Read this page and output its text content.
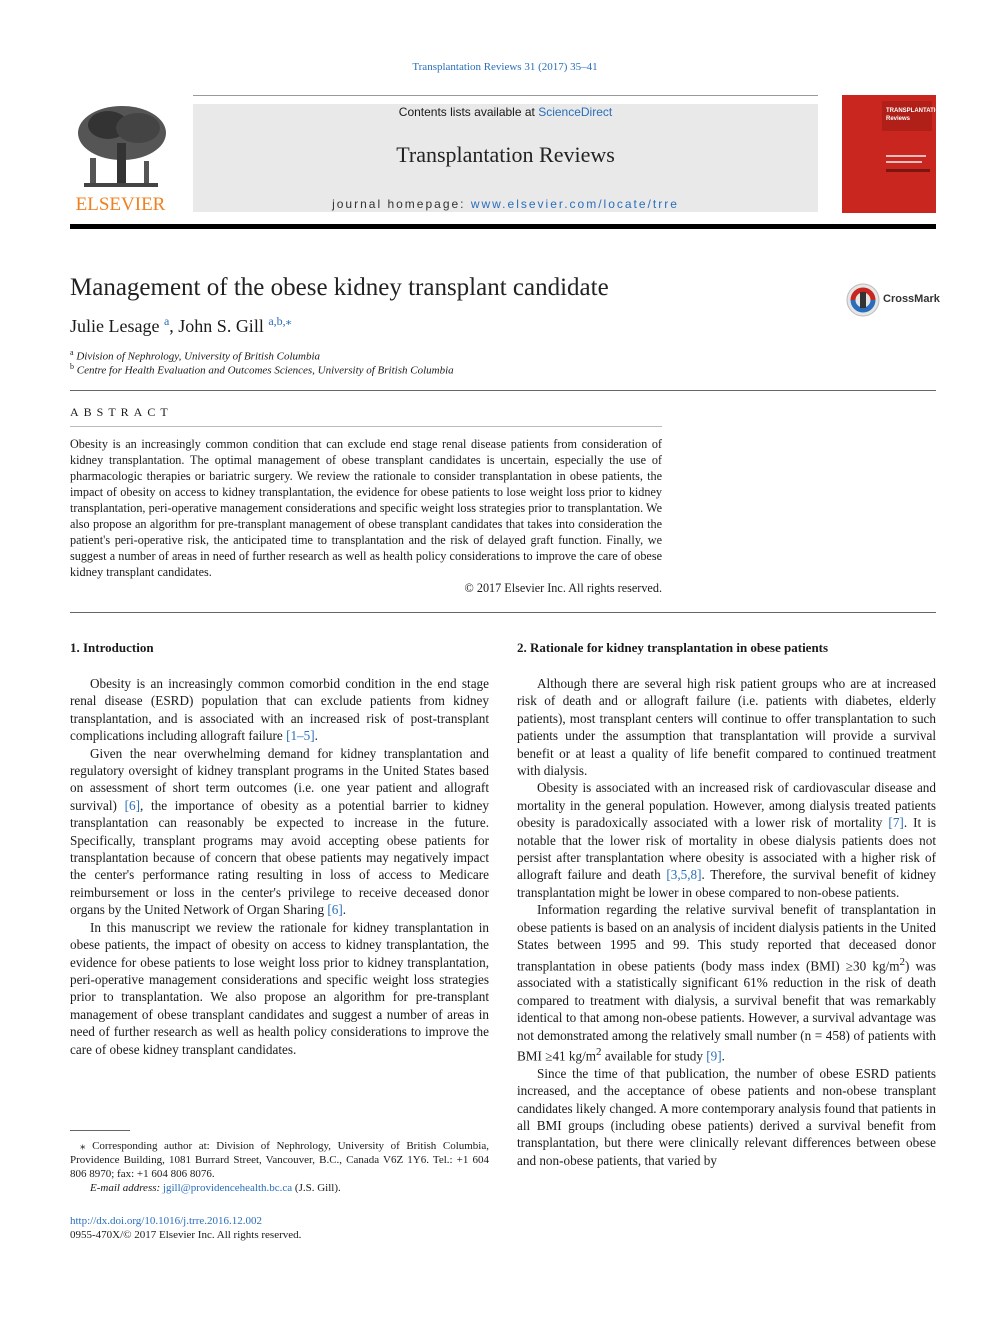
Transplantation Reviews 31 (2017) 35–41
ELSEVIER
Contents lists available at ScienceDirect
Transplantation Reviews
journal homepage: www.elsevier.com/locate/trre
TRANSPLANTATION Reviews
Management of the obese kidney transplant candidate	CrossMark
Julie Lesage $^a$, John S. Gill $^{a,b,⁎}$
$^a$ Division of Nephrology, University of British Columbia
$^b$ Centre for Health Evaluation and Outcomes Sciences, University of British Columbia
ABSTRACT
Obesity is an increasingly common condition that can exclude end stage renal disease patients from consideration of kidney transplantation. The optimal management of obese transplant candidates is uncertain, especially the use of pharmacologic therapies or bariatric surgery. We review the rationale to consider transplantation in obese patients, the impact of obesity on access to kidney transplantation, the evidence for obese patients to lose weight loss prior to kidney transplantation, peri-operative management considerations and specific weight loss strategies prior to transplantation. We also propose an algorithm for pre-transplant management of obese transplant candidates that takes into consideration the patient's peri-operative risk, the anticipated time to transplantation and the risk of delayed graft function. Finally, we suggest a number of areas in need of further research as well as health policy considerations to improve the care of obese kidney transplant candidates.
© 2017 Elsevier Inc. All rights reserved.
1. Introduction

Obesity is an increasingly common comorbid condition in the end stage renal disease (ESRD) population that can exclude patients from kidney transplantation, and is associated with an increased risk of post-transplant complications including allograft failure [1–5].

Given the near overwhelming demand for kidney transplantation and regulatory oversight of kidney transplant programs in the United States based on assessment of short term outcomes (i.e. one year patient and allograft survival) [6], the importance of obesity as a potential barrier to kidney transplantation can reasonably be expected to increase in the future. Specifically, transplant programs may avoid accepting obese patients for transplantation because of concern that obese patients may negatively impact the center's performance rating resulting in loss of access to Medicare reimbursement or loss in the center's privilege to receive deceased donor organs by the United Network of Organ Sharing [6].

In this manuscript we review the rationale for kidney transplantation in obese patients, the impact of obesity on access to kidney transplantation, the evidence for obese patients to lose weight loss prior to kidney transplantation, peri-operative management considerations and specific weight loss strategies prior to transplantation. We also propose an algorithm for pre-transplant management of obese transplant candidates and suggest a number of areas in need of further research as well as health policy considerations to improve the care of obese kidney transplant candidates.

⁎ Corresponding author at: Division of Nephrology, University of British Columbia, Providence Building, 1081 Burrard Street, Vancouver, B.C., Canada V6Z 1Y6. Tel.: +1 604 806 8970; fax: +1 604 806 8076.

E-mail address: jgill@providencehealth.bc.ca (J.S. Gill).

http://dx.doi.org/10.1016/j.trre.2016.12.002
0955-470X/© 2017 Elsevier Inc. All rights reserved.
2. Rationale for kidney transplantation in obese patients

Although there are several high risk patient groups who are at increased risk of death and or allograft failure (i.e. patients with diabetes, elderly patients), most transplant centers will continue to offer transplantation to such patients under the assumption that transplantation will provide a survival benefit or at least a quality of life benefit compared to continued treatment with dialysis.

Obesity is associated with an increased risk of cardiovascular disease and mortality in the general population. However, among dialysis treated patients obesity is paradoxically associated with a lower risk of mortality [7]. It is notable that the lower risk of mortality in obese dialysis patients does not persist after transplantation where obesity is associated with a higher risk of allograft failure and death [3,5,8]. Therefore, the survival benefit of kidney transplantation might be lower in obese compared to non-obese patients.

Information regarding the relative survival benefit of transplantation in obese patients is based on an analysis of incident dialysis patients in the United States between 1995 and 99. This study reported that deceased donor transplantation in obese patients (body mass index (BMI) ≥30 $kg/m^2$) was associated with a statistically significant 61% reduction in the risk of death compared to treatment with dialysis, a survival benefit that was remarkably identical to that among non-obese patients. However, a survival advantage was not demonstrated among the relatively small number (n = 458) of patients with BMI ≥41 $kg/m^2$ available for study [9].

Since the time of that publication, the number of obese ESRD patients increased, and the acceptance of obese patients and non-obese transplant candidates likely changed. A more contemporary analysis found that patients in all BMI groups (including obese patients) derived a survival benefit from transplantation, but there were clinically relevant differences between obese and non-obese patients, that varied by
